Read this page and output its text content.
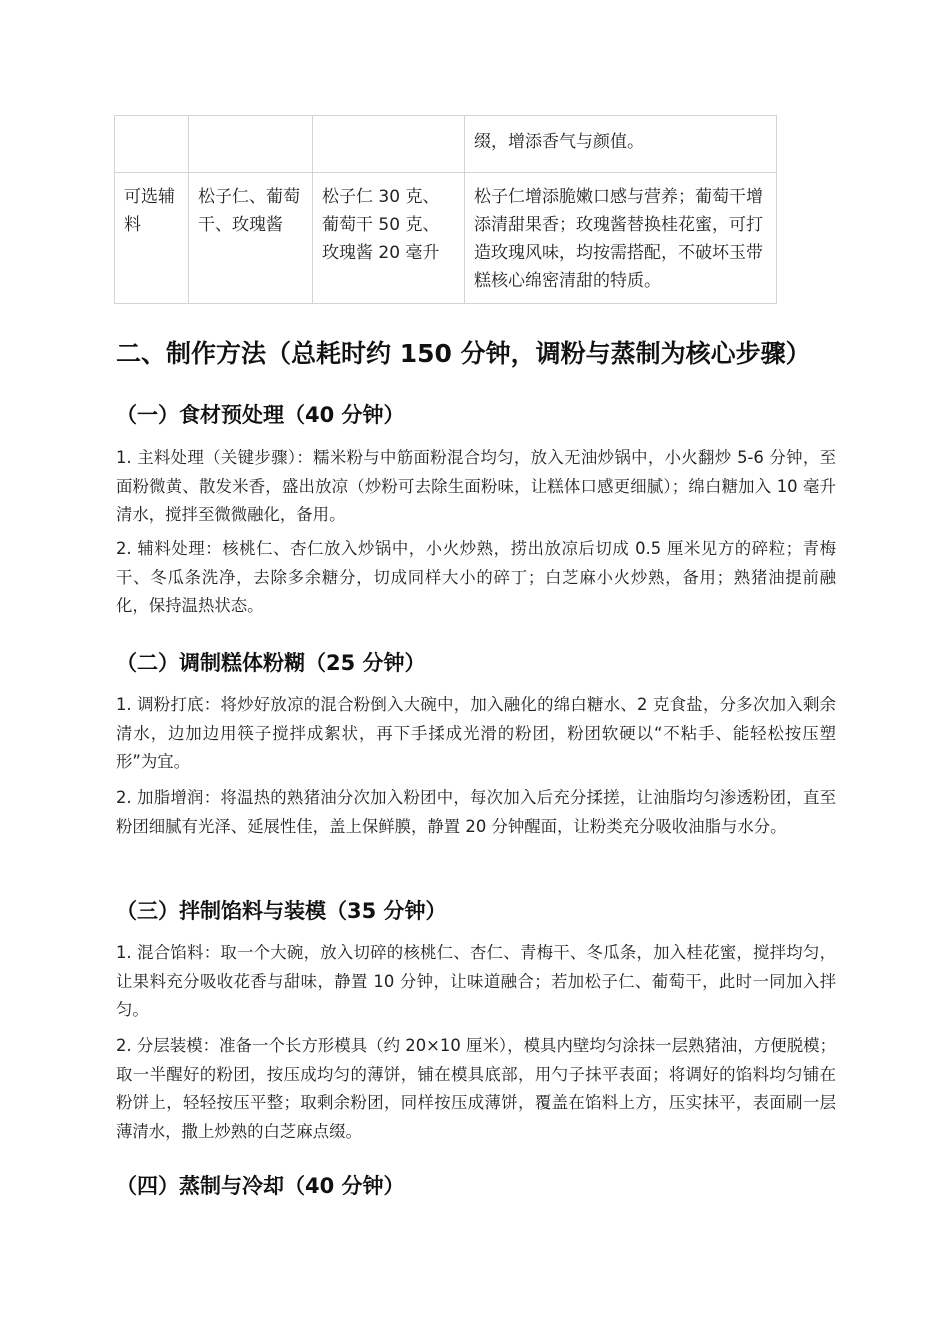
			缀，增添香气与颜值。
可选辅料	松子仁、葡萄干、玫瑰酱	松子仁 30 克、葡萄干 50 克、玫瑰酱 20 毫升	松子仁增添脆嫩口感与营养；葡萄干增添清甜果香；玫瑰酱替换桂花蜜，可打造玫瑰风味，均按需搭配，不破坏玉带糕核心绵密清甜的特质。
二、制作方法（总耗时约 150 分钟，调粉与蒸制为核心步骤）
（一）食材预处理（40 分钟）

1. 主料处理（关键步骤）：糯米粉与中筋面粉混合均匀，放入无油炒锅中，小火翻炒 5-6 分钟，至面粉微黄、散发米香，盛出放凉（炒粉可去除生面粉味，让糕体口感更细腻）；绵白糖加入 10 毫升清水，搅拌至微微融化，备用。

2. 辅料处理：核桃仁、杏仁放入炒锅中，小火炒熟，捞出放凉后切成 0.5 厘米见方的碎粒；青梅干、冬瓜条洗净，去除多余糖分，切成同样大小的碎丁；白芝麻小火炒熟，备用；熟猪油提前融化，保持温热状态。

（二）调制糕体粉糊（25 分钟）

1. 调粉打底：将炒好放凉的混合粉倒入大碗中，加入融化的绵白糖水、2 克食盐，分多次加入剩余清水，边加边用筷子搅拌成絮状，再下手揉成光滑的粉团，粉团软硬以“不粘手、能轻松按压塑形”为宜。

2. 加脂增润：将温热的熟猪油分次加入粉团中，每次加入后充分揉搓，让油脂均匀渗透粉团，直至粉团细腻有光泽、延展性佳，盖上保鲜膜，静置 20 分钟醒面，让粉类充分吸收油脂与水分。

（三）拌制馅料与装模（35 分钟）

1. 混合馅料：取一个大碗，放入切碎的核桃仁、杏仁、青梅干、冬瓜条，加入桂花蜜，搅拌均匀，让果料充分吸收花香与甜味，静置 10 分钟，让味道融合；若加松子仁、葡萄干，此时一同加入拌匀。

2. 分层装模：准备一个长方形模具（约 20×10 厘米），模具内壁均匀涂抹一层熟猪油，方便脱模；取一半醒好的粉团，按压成均匀的薄饼，铺在模具底部，用勺子抹平表面；将调好的馅料均匀铺在粉饼上，轻轻按压平整；取剩余粉团，同样按压成薄饼，覆盖在馅料上方，压实抹平，表面刷一层薄清水，撒上炒熟的白芝麻点缀。

（四）蒸制与冷却（40 分钟）
